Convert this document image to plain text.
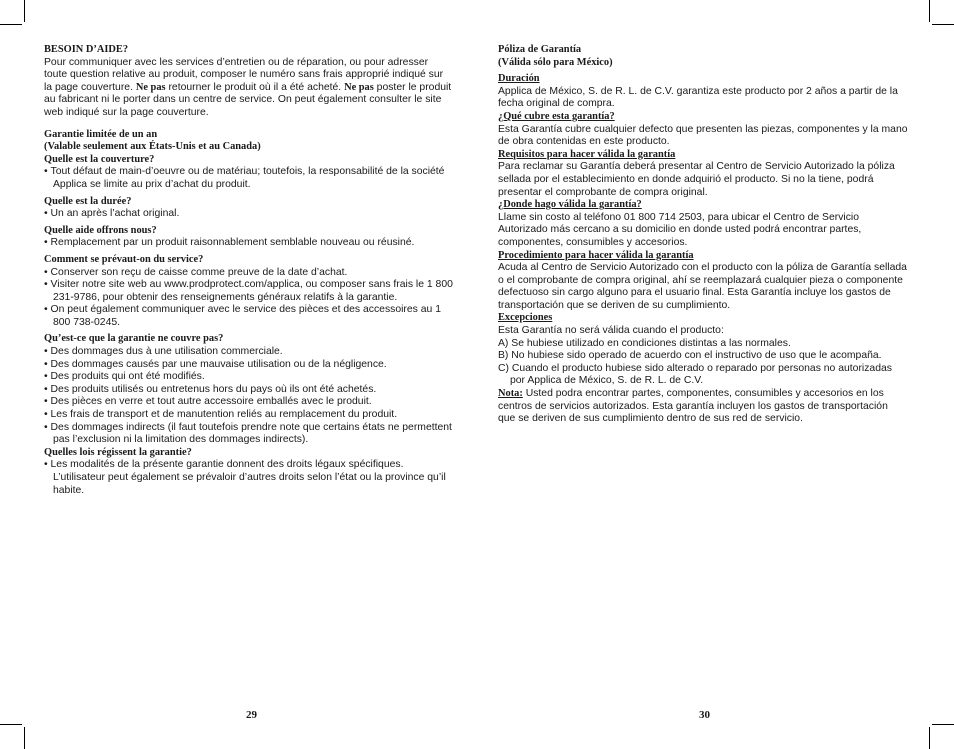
BESOIN D’AIDE?

Pour communiquer avec les services d’entretien ou de réparation, ou pour adresser toute question relative au produit, composer le numéro sans frais approprié indiqué sur la page couverture. Ne pas retourner le produit où il a été acheté. Ne pas poster le produit au fabricant ni le porter dans un centre de service. On peut également consulter le site web indiqué sur la page couverture.

Garantie limitée de un an

(Valable seulement aux États-Unis et au Canada)

Quelle est la couverture?

• Tout défaut de main-d’oeuvre ou de matériau; toutefois, la responsabilité de la société Applica se limite au prix d’achat du produit.

Quelle est la durée?

• Un an après l’achat original.

Quelle aide offrons nous?

• Remplacement par un produit raisonnablement semblable nouveau ou réusiné.

Comment se prévaut-on du service?

• Conserver son reçu de caisse comme preuve de la date d’achat.

• Visiter notre site web au www.prodprotect.com/applica, ou composer sans frais le 1 800 231-9786, pour obtenir des renseignements généraux relatifs à la garantie.

• On peut également communiquer avec le service des pièces et des accessoires au 1 800 738-0245.

Qu’est-ce que la garantie ne couvre pas?

• Des dommages dus à une utilisation commerciale.

• Des dommages causés par une mauvaise utilisation ou de la négligence.

• Des produits qui ont été modifiés.

• Des produits utilisés ou entretenus hors du pays où ils ont été achetés.

• Des pièces en verre et tout autre accessoire emballés avec le produit.

• Les frais de transport et de manutention reliés au remplacement du produit.

• Des dommages indirects (il faut toutefois prendre note que certains états ne permettent pas l’exclusion ni la limitation des dommages indirects).

Quelles lois régissent la garantie?

• Les modalités de la présente garantie donnent des droits légaux spécifiques. L’utilisateur peut également se prévaloir d’autres droits selon l’état ou la province qu’il habite.

29

Póliza de Garantía

(Válida sólo para México)

Duración

Applica de México, S. de R. L. de C.V. garantiza este producto por 2 años a partir de la fecha original de compra.

¿Qué cubre esta garantía?

Esta Garantía cubre cualquier defecto que presenten las piezas, componentes y la mano de obra contenidas en este producto.

Requisitos para hacer válida la garantía

Para reclamar su Garantía deberá presentar al Centro de Servicio Autorizado la póliza sellada por el establecimiento en donde adquirió el producto. Si no la tiene, podrá presentar el comprobante de compra original.

¿Donde hago válida la garantía?

Llame sin costo al teléfono 01 800 714 2503, para ubicar el Centro de Servicio Autorizado más cercano a su domicilio en donde usted podrá encontrar partes, componentes, consumibles y accesorios.

Procedimiento para hacer válida la garantía

Acuda al Centro de Servicio Autorizado con el producto con la póliza de Garantía sellada o el comprobante de compra original, ahí se reemplazará cualquier pieza o componente defectuoso sin cargo alguno para el usuario final. Esta Garantía incluye los gastos de transportación que se deriven de su cumplimiento.

Excepciones

Esta Garantía no será válida cuando el producto:

A) Se hubiese utilizado en condiciones distintas a las normales.

B) No hubiese sido operado de acuerdo con el instructivo de uso que le acompaña.

C) Cuando el producto hubiese sido alterado o reparado por personas no autorizadas por Applica de México, S. de R. L. de C.V.

Nota: Usted podra encontrar partes, componentes, consumibles y accesorios en los centros de servicios autorizados. Esta garantía incluyen los gastos de transportación que se deriven de sus cumplimiento dentro de sus red de servicio.

30
